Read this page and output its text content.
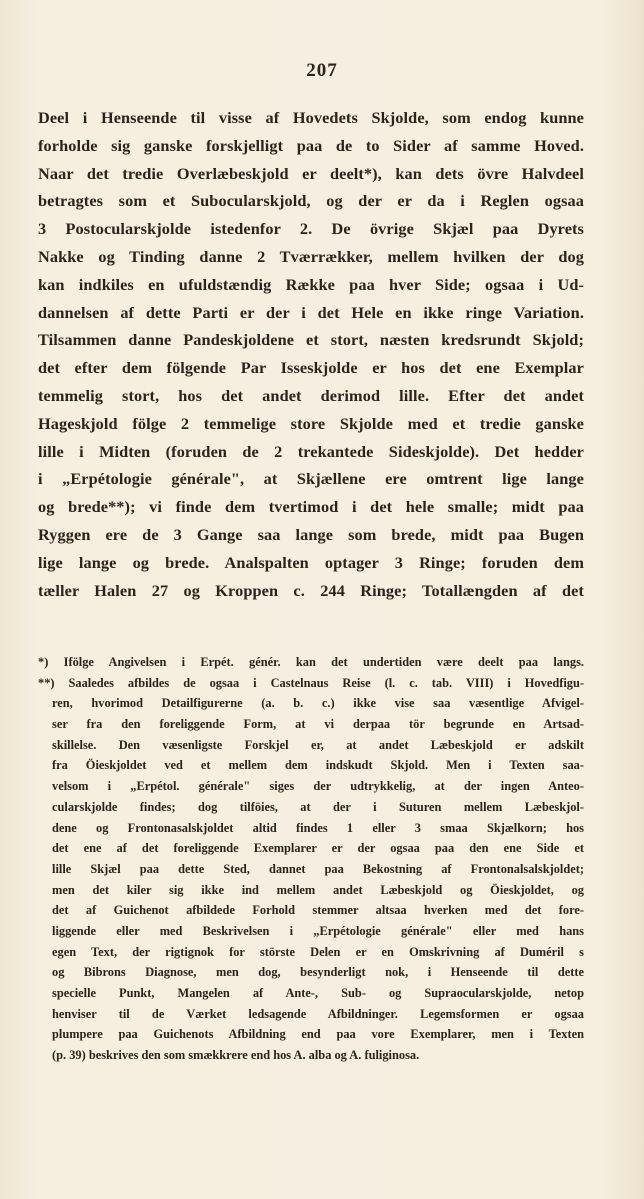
207
Deel i Henseende til visse af Hovedets Skjolde, som endog kunne
forholde sig ganske forskjelligt paa de to Sider af samme Hoved.
Naar det tredie Overlæbeskjold er deelt*), kan dets övre Halvdeel
betragtes som et Subocularskjold, og der er da i Reglen ogsaa
3 Postocularskjolde istedenfor 2. De övrige Skjæl paa Dyrets
Nakke og Tinding danne 2 Tværrækker, mellem hvilken der dog
kan indkiles en ufuldstændig Række paa hver Side; ogsaa i Ud-
dannelsen af dette Parti er der i det Hele en ikke ringe Variation.
Tilsammen danne Pandeskjoldene et stort, næsten kredsrundt Skjold;
det efter dem fölgende Par Isseskjolde er hos det ene Exemplar
temmelig stort, hos det andet derimod lille. Efter det andet
Hageskjold fölge 2 temmelige store Skjolde med et tredie ganske
lille i Midten (foruden de 2 trekantede Sideskjolde). Det hedder
i „Erpétologie générale", at Skjællene ere omtrent lige lange
og brede**); vi finde dem tvertimod i det hele smalle; midt paa
Ryggen ere de 3 Gange saa lange som brede, midt paa Bugen
lige lange og brede. Analspalten optager 3 Ringe; foruden dem
tæller Halen 27 og Kroppen c. 244 Ringe; Totallængden af det
*) Ifölge Angivelsen i Erpét. génér. kan det undertiden være deelt paa langs.
**) Saaledes afbildes de ogsaa i Castelnaus Reise (l. c. tab. VIII) i Hovedfigu-
ren, hvorimod Detailfigurerne (a. b. c.) ikke vise saa væsentlige Afvigel-
ser fra den foreliggende Form, at vi derpaa tör begrunde en Artsad-
skillelse. Den væsenligste Forskjel er, at andet Læbeskjold er adskilt
fra Öieskjoldet ved et mellem dem indskudt Skjold. Men i Texten saa-
velsom i „Erpétol. générale" siges der udtrykkelig, at der ingen Anteo-
cularskjolde findes; dog tilföies, at der i Suturen mellem Læbeskjol-
dene og Frontonasalskjoldet altid findes 1 eller 3 smaa Skjælkorn; hos
det ene af det foreliggende Exemplarer er der ogsaa paa den ene Side et
lille Skjæl paa dette Sted, dannet paa Bekostning af Frontonalsalskjoldet;
men det kiler sig ikke ind mellem andet Læbeskjold og Öieskjoldet, og
det af Guichenot afbildede Forhold stemmer altsaa hverken med det fore-
liggende eller med Beskrivelsen i „Erpétologie générale" eller med hans
egen Text, der rigtignok for störste Delen er en Omskrivning af Duméril s
og Bibrons Diagnose, men dog, besynderligt nok, i Henseende til dette
specielle Punkt, Mangelen af Ante-, Sub- og Supraocularskjolde, netop
henviser til de Værket ledsagende Afbildninger. Legemsformen er ogsaa
plumpere paa Guichenots Afbildning end paa vore Exemplarer, men i Texten
(p. 39) beskrives den som smækkrere end hos A. alba og A. fuliginosa.
